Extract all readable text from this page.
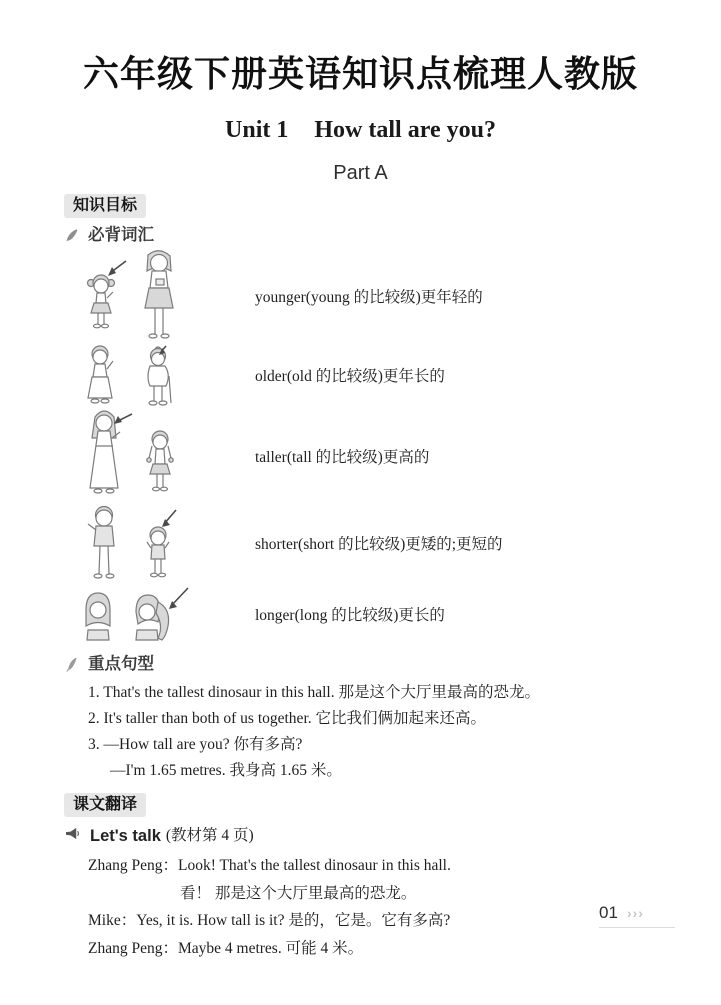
六年级下册英语知识点梳理人教版
Unit 1 How tall are you?
Part A
知识目标
必背词汇
younger(young 的比较级)更年轻的
older(old 的比较级)更年长的
taller(tall 的比较级)更高的
shorter(short 的比较级)更矮的;更短的
longer(long 的比较级)更长的
重点句型
1. That's the tallest dinosaur in this hall. 那是这个大厅里最高的恐龙。
2. It's taller than both of us together. 它比我们俩加起来还高。
3. —How tall are you? 你有多高?
—I'm 1.65 metres. 我身高 1.65 米。
课文翻译
Let's talk (教材第 4 页)
Zhang Peng：Look! That's the tallest dinosaur in this hall.
看！ 那是这个大厅里最高的恐龙。
Mike：Yes, it is. How tall is it? 是的，它是。它有多高?
Zhang Peng：Maybe 4 metres. 可能 4 米。
01 ›››
